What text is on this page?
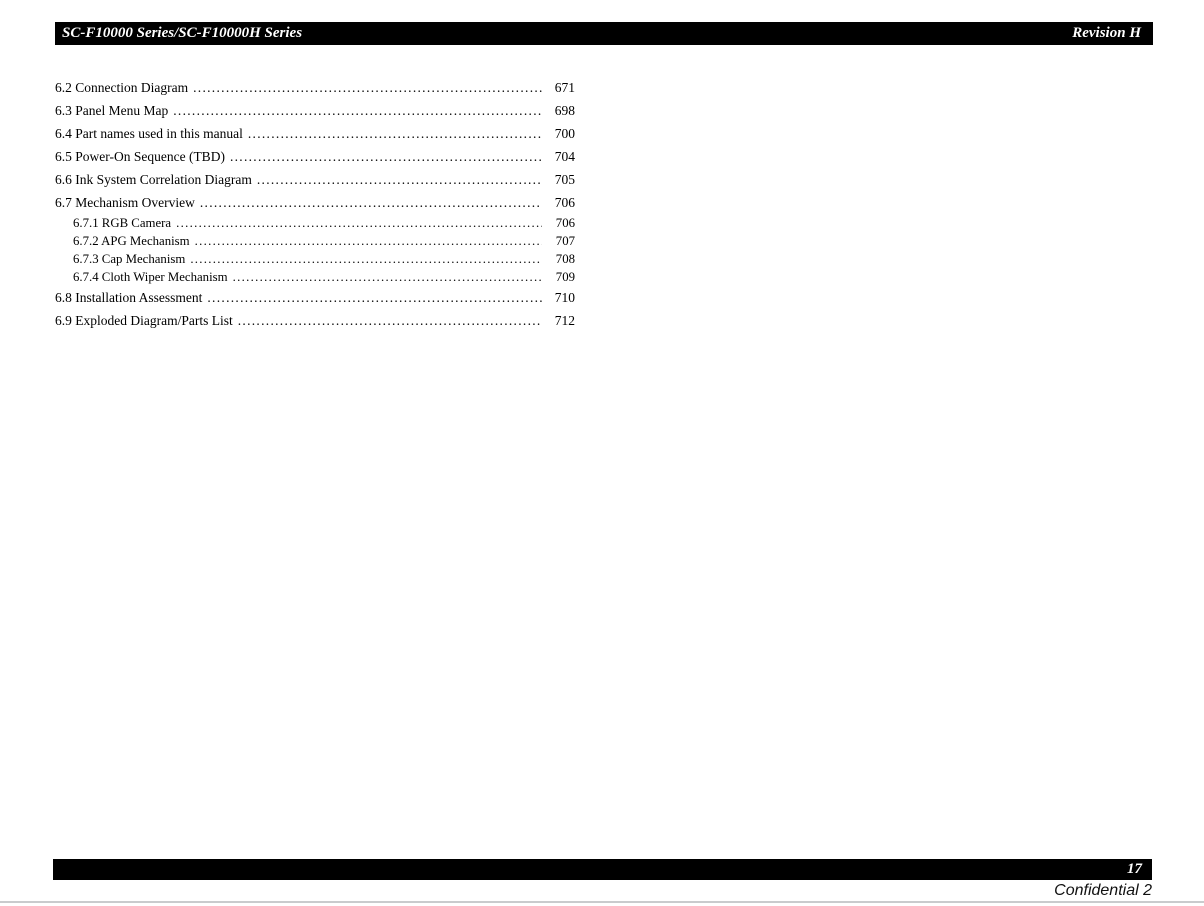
SC-F10000 Series/SC-F10000H Series	Revision H
6.2 Connection Diagram .....	671
6.3 Panel Menu Map .....	698
6.4 Part names used in this manual .....	700
6.5 Power-On Sequence (TBD) .....	704
6.6 Ink System Correlation Diagram .....	705
6.7 Mechanism Overview .....	706
6.7.1 RGB Camera .....	706
6.7.2 APG Mechanism .....	707
6.7.3 Cap Mechanism .....	708
6.7.4 Cloth Wiper Mechanism .....	709
6.8 Installation Assessment .....	710
6.9 Exploded Diagram/Parts List .....	712
17
Confidential 2
